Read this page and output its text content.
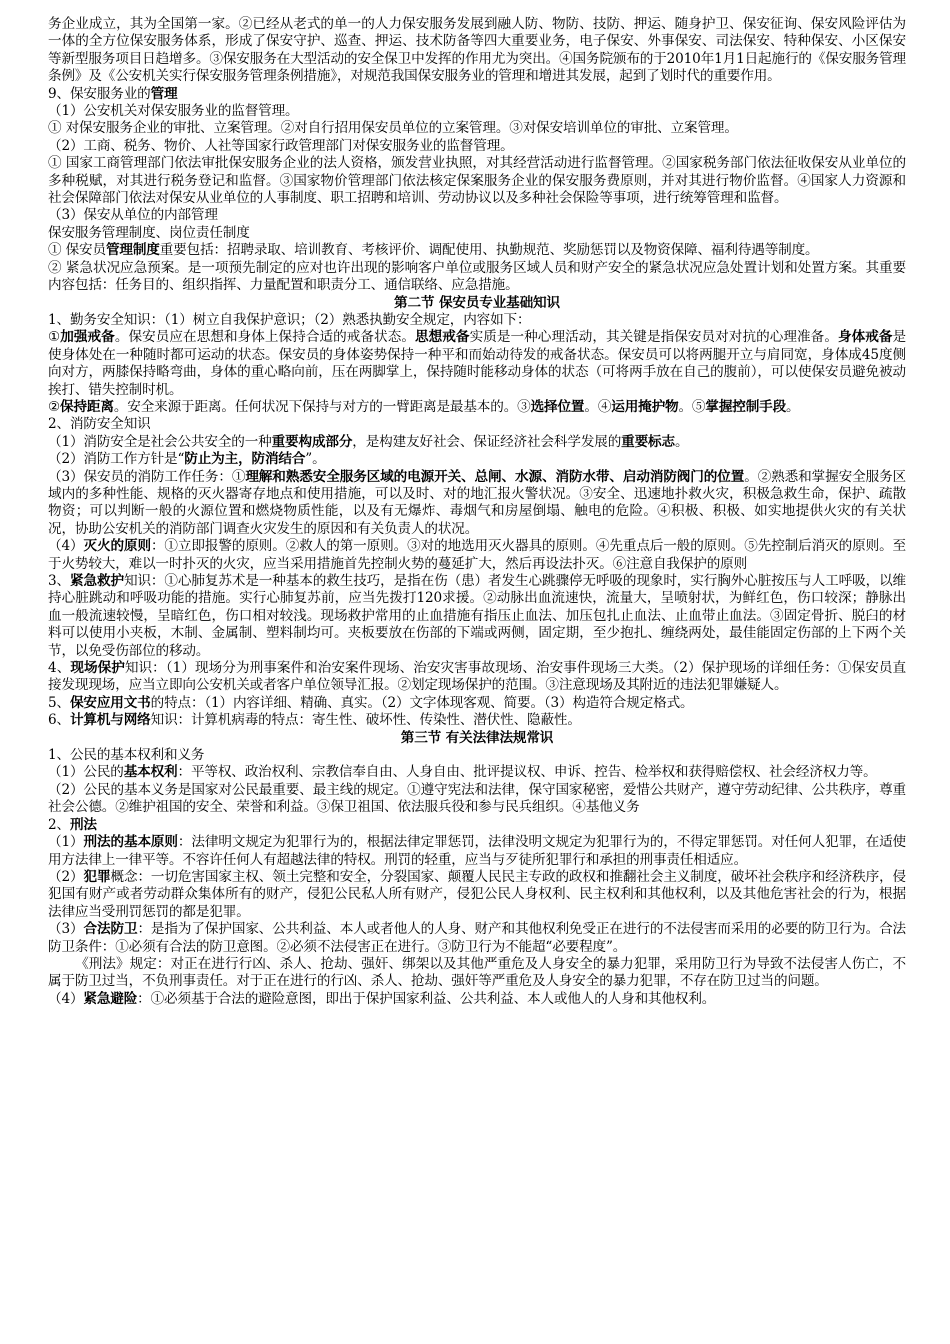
务企业成立，其为全国第一家。②已经从老式的单一的人力保安服务发展到融人防、物防、技防、押运、随身护卫、保安征询、保安风险评估为一体的全方位保安服务体系，形成了保安守护、巡查、押运、技术防备等四大重要业务，电子保安、外事保安、司法保安、特种保安、小区保安等新型服务项目日趋增多。③保安服务在大型活动的安全保卫中发挥的作用尤为突出。④国务院颁布的于2010年1月1日起施行的《保安服务管理条例》及《公安机关实行保安服务管理条例措施》，对规范我国保安服务业的管理和增进其发展，起到了划时代的重要作用。

9、保安服务业的管理

（1）公安机关对保安服务业的监督管理。

① 对保安服务企业的审批、立案管理。②对自行招用保安员单位的立案管理。③对保安培训单位的审批、立案管理。

（2）工商、税务、物价、人社等国家行政管理部门对保安服务业的监督管理。

① 国家工商管理部门依法审批保安服务企业的法人资格，颁发营业执照，对其经营活动进行监督管理。②国家税务部门依法征收保安从业单位的多种税赋，对其进行税务登记和监督。③国家物价管理部门依法核定保案服务企业的保安服务费原则，并对其进行物价监督。④国家人力资源和社会保障部门依法对保安从业单位的人事制度、职工招聘和培训、劳动协议以及多种社会保险等事项，进行统筹管理和监督。

（3）保安从单位的内部管理

保安服务管理制度、岗位责任制度

① 保安员管理制度重要包括：招聘录取、培训教育、考核评价、调配使用、执勤规范、奖励惩罚以及物资保障、福利待遇等制度。

② 紧急状况应急预案。是一项预先制定的应对也许出现的影响客户单位或服务区域人员和财产安全的紧急状况应急处置计划和处置方案。其重要内容包括：任务目的、组织指挥、力量配置和职责分工、通信联络、应急措施。

第二节 保安员专业基础知识

1、勤务安全知识：（1）树立自我保护意识；（2）熟悉执勤安全规定，内容如下：

①加强戒备。保安员应在思想和身体上保持合适的戒备状态。思想戒备实质是一种心理活动，其关键是指保安员对对抗的心理准备。身体戒备是使身体处在一种随时都可运动的状态。保安员的身体姿势保持一种平和而始动待发的戒备状态。保安员可以将两腿开立与肩同宽，身体成45度侧向对方，两膝保持略弯曲，身体的重心略向前，压在两脚掌上，保持随时能移动身体的状态（可将两手放在自己的腹前），可以使保安员避免被动挨打、错失控制时机。

②保持距离。安全来源于距离。任何状况下保持与对方的一臂距离是最基本的。③选择位置。④运用掩护物。⑤掌握控制手段。

2、消防安全知识

（1）消防安全是社会公共安全的一种重要构成部分，是构建友好社会、保证经济社会科学发展的重要标志。

（2）消防工作方针是“防止为主，防消结合”。

（3）保安员的消防工作任务：①理解和熟悉安全服务区域的电源开关、总闸、水源、消防水带、启动消防阀门的位置。②熟悉和掌握安全服务区域内的多种性能、规格的灭火器寄存地点和使用措施，可以及时、对的地汇报火警状况。③安全、迅速地扑救火灾，积极急救生命，保护、疏散物资；可以判断一般的火源位置和燃烧物质性能，以及有无爆炸、毒烟气和房屋倒塌、触电的危险。④积极、积极、如实地提供火灾的有关状况，协助公安机关的消防部门调查火灾发生的原因和有关负责人的状况。

（4）灭火的原则：①立即报警的原则。②救人的第一原则。③对的地选用灭火器具的原则。④先重点后一般的原则。⑤先控制后消灭的原则。至于火势较大，难以一时扑灭的火灾，应当采用措施首先控制火势的蔓延扩大，然后再设法扑灭。⑥注意自我保护的原则

3、紧急救护知识：①心肺复苏术是一种基本的救生技巧，是指在伤（患）者发生心跳骤停无呼吸的现象时，实行胸外心脏按压与人工呼吸，以维持心脏跳动和呼吸功能的措施。实行心肺复苏前，应当先拨打120求援。②动脉出血流速快，流量大，呈喷射状，为鲜红色，伤口较深；静脉出血一般流速较慢，呈暗红色，伤口相对较浅。现场救护常用的止血措施有指压止血法、加压包扎止血法、止血带止血法。③固定骨折、脱臼的材料可以使用小夹板，木制、金属制、塑料制均可。夹板要放在伤部的下端或两侧，固定期，至少抱扎、缠绕两处，最佳能固定伤部的上下两个关节，以免受伤部位的移动。

4、现场保护知识：（1）现场分为刑事案件和治安案件现场、治安灾害事故现场、治安事件现场三大类。（2）保护现场的详细任务：①保安员直接发现现场，应当立即向公安机关或者客户单位领导汇报。②划定现场保护的范围。③注意现场及其附近的违法犯罪嫌疑人。

5、保安应用文书的特点：（1）内容详细、精确、真实。（2）文字体现客观、简要。（3）构造符合规定格式。

6、计算机与网络知识：计算机病毒的特点：寄生性、破坏性、传染性、潜伏性、隐蔽性。

第三节 有关法律法规常识

1、公民的基本权利和义务

（1）公民的基本权利：平等权、政治权利、宗教信奉自由、人身自由、批评提议权、申诉、控告、检举权和获得赔偿权、社会经济权力等。

（2）公民的基本义务是国家对公民最重要、最主线的规定。①遵守宪法和法律，保守国家秘密，爱惜公共财产，遵守劳动纪律、公共秩序，尊重社会公德。②维护祖国的安全、荣誉和利益。③保卫祖国、依法服兵役和参与民兵组织。④基他义务

2、刑法

（1）刑法的基本原则：法律明文规定为犯罪行为的，根据法律定罪惩罚，法律没明文规定为犯罪行为的，不得定罪惩罚。对任何人犯罪，在适使用方法律上一律平等。不容许任何人有超越法律的特权。刑罚的轻重，应当与歹徒所犯罪行和承担的刑事责任相适应。

（2）犯罪概念：一切危害国家主权、领土完整和安全，分裂国家、颠覆人民民主专政的政权和推翻社会主义制度，破坏社会秩序和经济秩序，侵犯国有财产或者劳动群众集体所有的财产，侵犯公民私人所有财产，侵犯公民人身权利、民主权利和其他权利，以及其他危害社会的行为，根据法律应当受刑罚惩罚的都是犯罪。

（3）合法防卫：是指为了保护国家、公共利益、本人或者他人的人身、财产和其他权利免受正在进行的不法侵害而采用的必要的防卫行为。合法防卫条件：①必须有合法的防卫意图。②必须不法侵害正在进行。③防卫行为不能超“必要程度”。

《刑法》规定：对正在进行行凶、杀人、抢劫、强奸、绑架以及其他严重危及人身安全的暴力犯罪，采用防卫行为导致不法侵害人伤亡，不属于防卫过当，不负刑事责任。对于正在进行的行凶、杀人、抢劫、强奸等严重危及人身安全的暴力犯罪，不存在防卫过当的问题。

（4）紧急避险：①必须基于合法的避险意图，即出于保护国家利益、公共利益、本人或他人的人身和其他权利。
